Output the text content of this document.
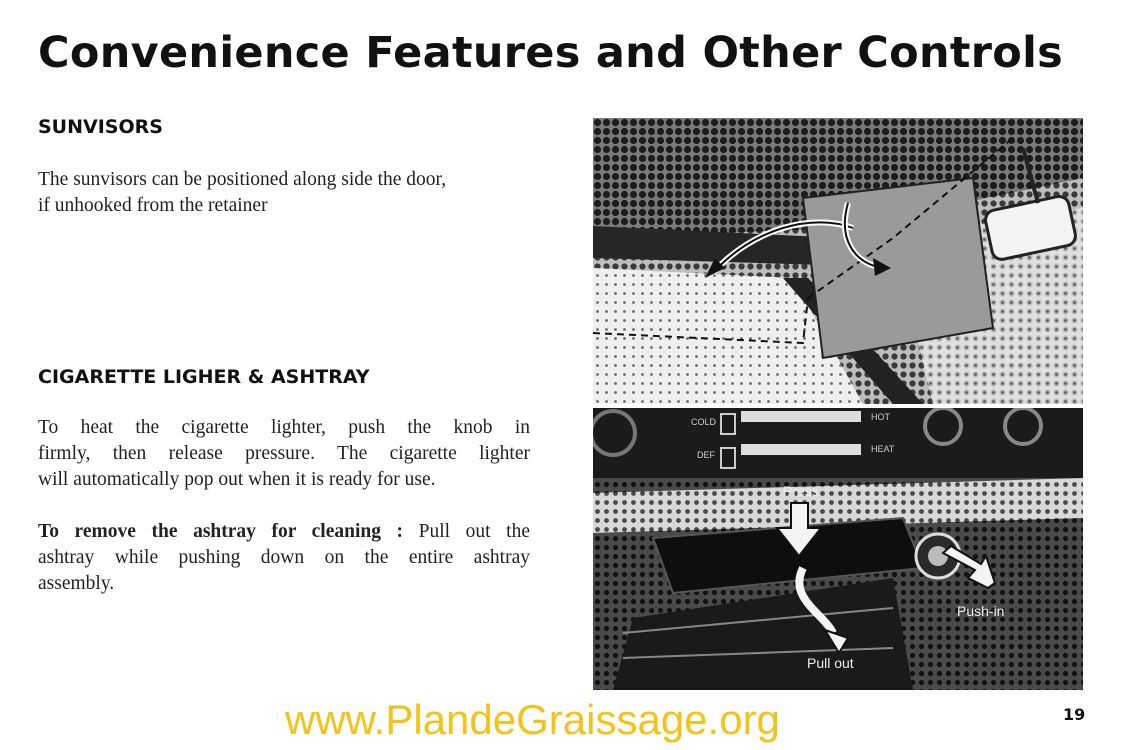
Convenience Features and Other Controls
SUNVISORS
The sunvisors can be positioned along side the door,
if unhooked from the retainer
CIGARETTE LIGHER & ASHTRAY
To heat the cigarette lighter, push the knob in
firmly, then release pressure. The cigarette lighter
will automatically pop out when it is ready for use.
To remove the ashtray for cleaning : Pull out the
ashtray while pushing down on the entire ashtray
assembly.
COLD	HOT
DEF
HEAT
Press
Push-in
Pull out
www.PlandeGraissage.org	19
